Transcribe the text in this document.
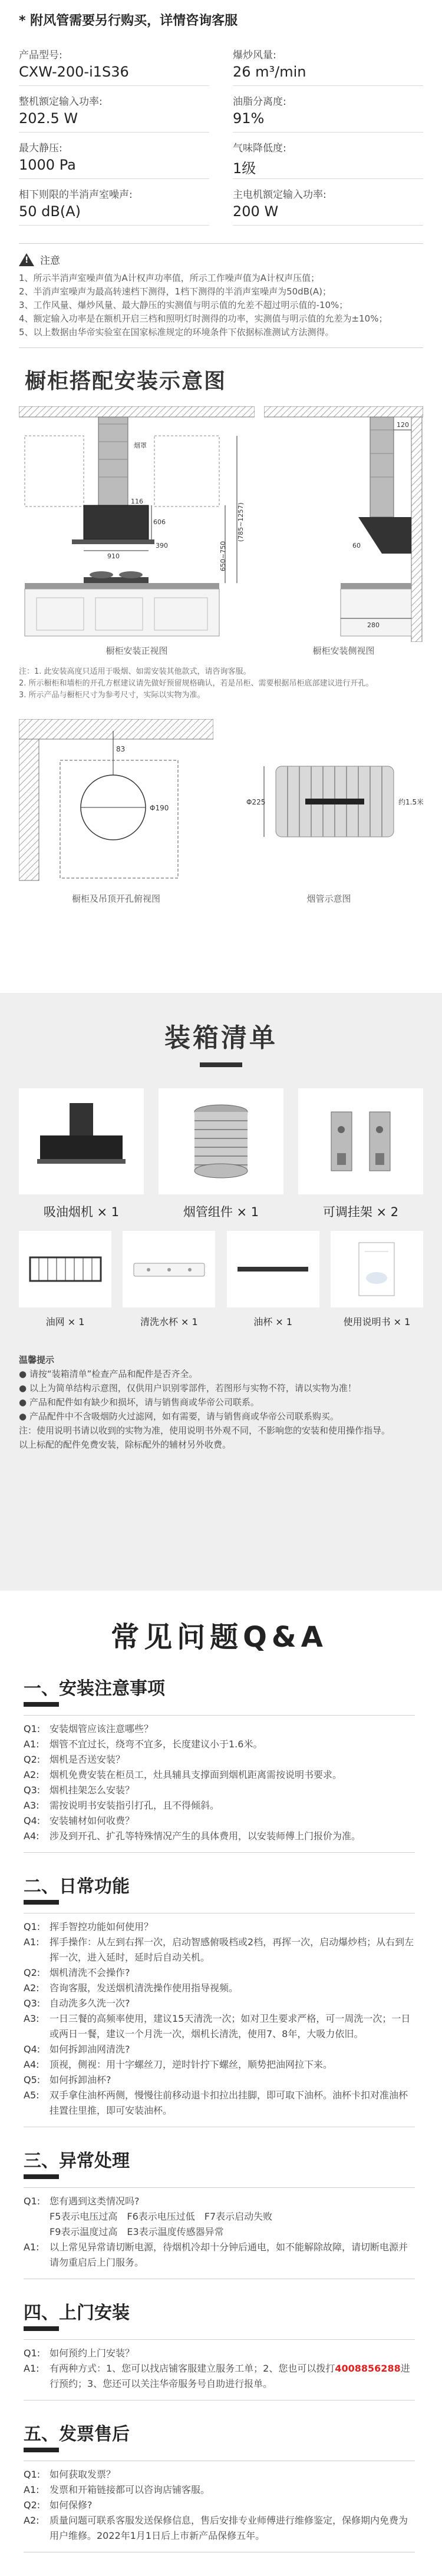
* 附风管需要另行购买，详情咨询客服
产品型号:
CXW-200-i1S36
爆炒风量:
26 m³/min
整机额定输入功率:
202.5 W
油脂分离度:
91%
最大静压:
1000 Pa
气味降低度:
1级
相下则限的半消声室噪声:
50 dB(A)
主电机额定输入功率:
200 W
!
注意

1、所示半消声室噪声值为A计权声功率值，所示工作噪声值为A计权声压值；

2、半消声室噪声为最高转速档下测得，1档下测得的半消声室噪声为50dB(A)；

3、工作风量、爆炒风量、最大静压的实测值与明示值的允差不超过明示值的-10%；

4、额定输入功率是在额机开启三档和照明灯时测得的功率，实测值与明示值的允差为±10%；

5、以上数据由华帝实验室在国家标准规定的环境条件下依据标准测试方法测得。

橱柜搭配安装示意图
烟罩
116
606
910	650~750
390
(785~1257)
橱柜安装正视图
120
60
280
橱柜安装侧视图
注：1. 此安装高度只适用于吸烟、如需安装其他款式，请咨询客服。
2. 所示橱柜和墙柜的开孔方框建议请先做好预留规格确认，若是吊柜、需要根据吊柜底部建议进行开孔。
3. 所示产品与橱柜尺寸为参考尺寸，实际以实物为准。
83
Φ190
橱柜及吊顶开孔俯视图
Φ225	约1.5米
烟管示意图
装箱清单
吸油烟机 × 1	烟管组件 × 1	可调挂架 × 2
油网 × 1	清洗水杯 × 1	油杯 × 1	使用说明书 × 1
温馨提示
● 请按“装箱清单”检查产品和配件是否齐全。
● 以上为简单结构示意图，仅供用户识别零部件，若图形与实物不符，请以实物为准！
● 产品和配件如有缺少和损坏，请与销售商或华帝公司联系。
● 产品配件中不含吸烟防火过滤网，如有需要，请与销售商或华帝公司联系购买。
注：使用说明书请以收到的实物为准，使用说明书外观不同，不影响您的安装和使用操作指导。
以上标配的配件免费安装，除标配外的辅材另外收费。
常见问题Q&A
一、安装注意事项
Q1: 安装烟管应该注意哪些？
A1:	烟管不宜过长，绕弯不宜多，长度建议小于1.6米。
Q2: 烟机是否送安装？
A2:	烟机免费安装在柜员工，灶具辅具支撑面到烟机距离需按说明书要求。
Q3: 烟机挂架怎么安装？
A3:	需按说明书安装指引打孔，且不得倾斜。
Q4: 安装辅材如何收费？
A4:	涉及到开孔、扩孔等特殊情况产生的具体费用，以安装师傅上门报价为准。
二、日常功能
Q1: 挥手智控功能如何使用？
A1:	挥手操作：从左到右挥一次，启动智感俯吸档或2档，再挥一次，启动爆炒档；从右到左挥一次，进入延时，延时后自动关机。
Q2: 烟机清洗不会操作?
A2:	咨询客服，发送烟机清洗操作使用指导视频。
Q3: 自动洗多久洗一次?
A3:	一日三餐的高频率使用，建议15天清洗一次；如对卫生要求严格，可一周洗一次；一日或两日一餐，建议一个月洗一次，烟机长清洗，使用7、8年，大吸力依旧。
Q4: 如何拆卸油网清洗?
A4:	顶视，侧视：用十字螺丝刀，逆时针拧下螺丝，顺势把油网拉下来。
Q5: 如何拆卸油杯?
A5:	双手拿住油杯两侧，慢慢往前移动退卡扣拉出挂脚，即可取下油杯。油杯卡扣对准油杯挂置往里推，即可安装油杯。
三、异常处理
Q1: 您有遇到这类情况吗?
F5表示电压过高　F6表示电压过低　F7表示启动失败
F9表示温度过高　E3表示温度传感器异常
A1:	以上常见异常请切断电源，待烟机冷却十分钟后通电，如不能解除故障，请切断电源并请勿重启后上门服务。
四、上门安装
Q1: 如何预约上门安装？
A1:	有两种方式：1、您可以找店铺客服建立服务工单；2、您也可以拨打4008856288进行预约；3、您还可以关注华帝服务号自助进行报单。
五、发票售后
Q1: 如何获取发票？
A1:	发票和开箱链接都可以咨询店铺客服。
Q2: 如何保修?
A2:	质量问题可联系客服发送保修信息，售后安排专业师傅进行维修鉴定，保修期内免费为用户维修。2022年1月1日后上市新产品保修五年。
